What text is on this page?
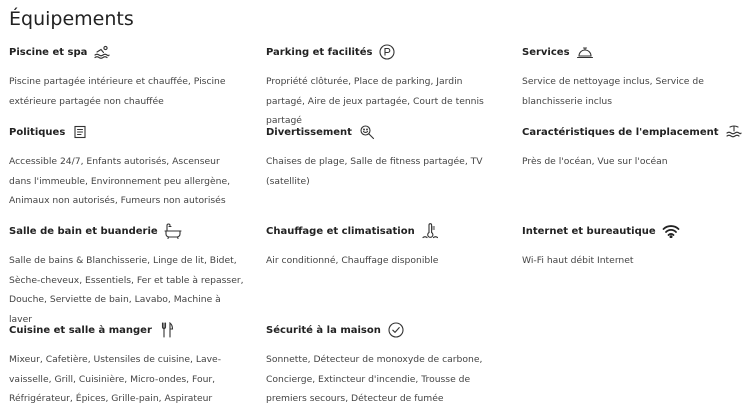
Équipements
Piscine et spa
Piscine partagée intérieure et chauffée, Piscine extérieure partagée non chauffée
Parking et facilités
Propriété clôturée, Place de parking, Jardin partagé, Aire de jeux partagée, Court de tennis partagé
Services
Service de nettoyage inclus, Service de blanchisserie inclus
Politiques
Accessible 24/7, Enfants autorisés, Ascenseur dans l'immeuble, Environnement peu allergène, Animaux non autorisés, Fumeurs non autorisés
Divertissement
Chaises de plage, Salle de fitness partagée, TV (satellite)
Caractéristiques de l'emplacement
Près de l'océan, Vue sur l'océan
Salle de bain et buanderie
Salle de bains & Blanchisserie, Linge de lit, Bidet, Sèche-cheveux, Essentiels, Fer et table à repasser, Douche, Serviette de bain, Lavabo, Machine à laver
Chauffage et climatisation
Air conditionné, Chauffage disponible
Internet et bureautique
Wi-Fi haut débit Internet
Cuisine et salle à manger
Mixeur, Cafetière, Ustensiles de cuisine, Lave-vaisselle, Grill, Cuisinière, Micro-ondes, Four, Réfrigérateur, Épices, Grille-pain, Aspirateur
Sécurité à la maison
Sonnette, Détecteur de monoxyde de carbone, Concierge, Extincteur d'incendie, Trousse de premiers secours, Détecteur de fumée
